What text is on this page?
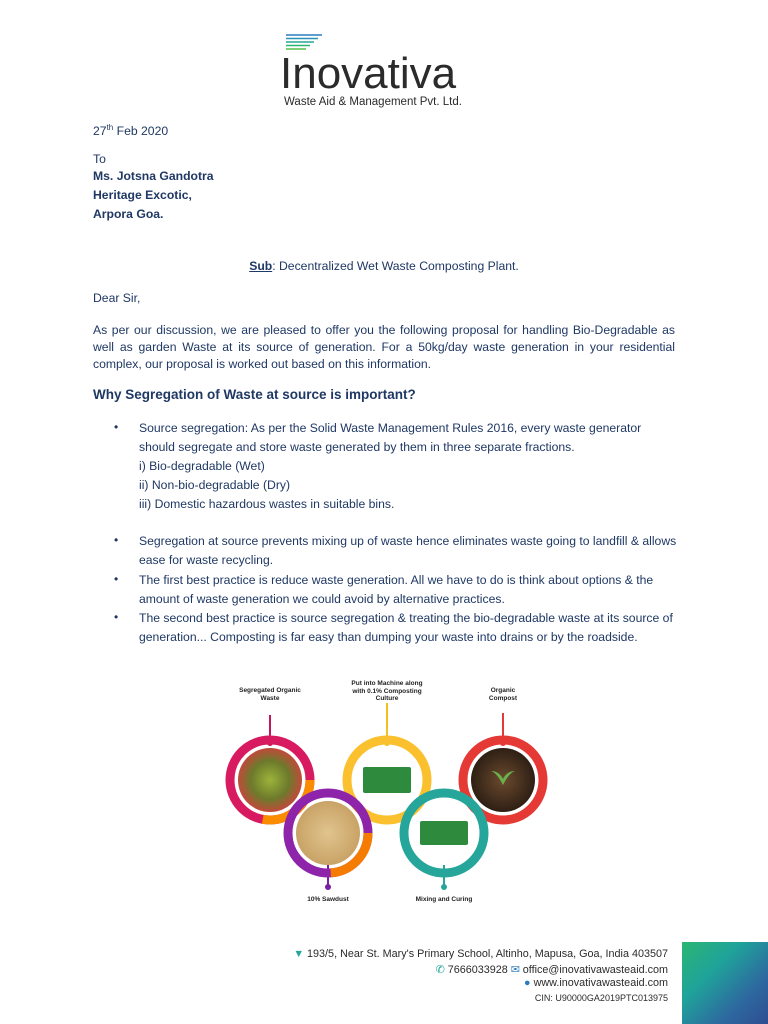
Inovativa
Waste Aid & Management Pvt. Ltd.
27th Feb 2020
To
Ms. Jotsna Gandotra
Heritage Excotic,
Arpora Goa.
Sub: Decentralized Wet Waste Composting Plant.
Dear Sir,
As per our discussion, we are pleased to offer you the following proposal for handling Bio-Degradable as well as garden Waste at its source of generation. For a 50kg/day waste generation in your residential complex, our proposal is worked out based on this information.
Why Segregation of Waste at source is important?
• Source segregation: As per the Solid Waste Management Rules 2016, every waste generator should segregate and store waste generated by them in three separate fractions.
i) Bio-degradable (Wet)
ii) Non-bio-degradable (Dry)
iii) Domestic hazardous wastes in suitable bins.
• Segregation at source prevents mixing up of waste hence eliminates waste going to landfill & allows ease for waste recycling.
• The first best practice is reduce waste generation. All we have to do is think about options & the amount of waste generation we could avoid by alternative practices.
• The second best practice is source segregation & treating the bio-degradable waste at its source of generation... Composting is far easy than dumping your waste into drains or by the roadside.
Segregated Organic Waste
Put into Machine along with 0.1% Composting Culture
Organic Compost
10% Sawdust	Mixing and Curing
▼ 193/5, Near St. Mary's Primary School, Altinho, Mapusa, Goa, India 403507
✆ 7666033928 ✉ office@inovativawasteaid.com
● www.inovativawasteaid.com
CIN: U90000GA2019PTC013975
